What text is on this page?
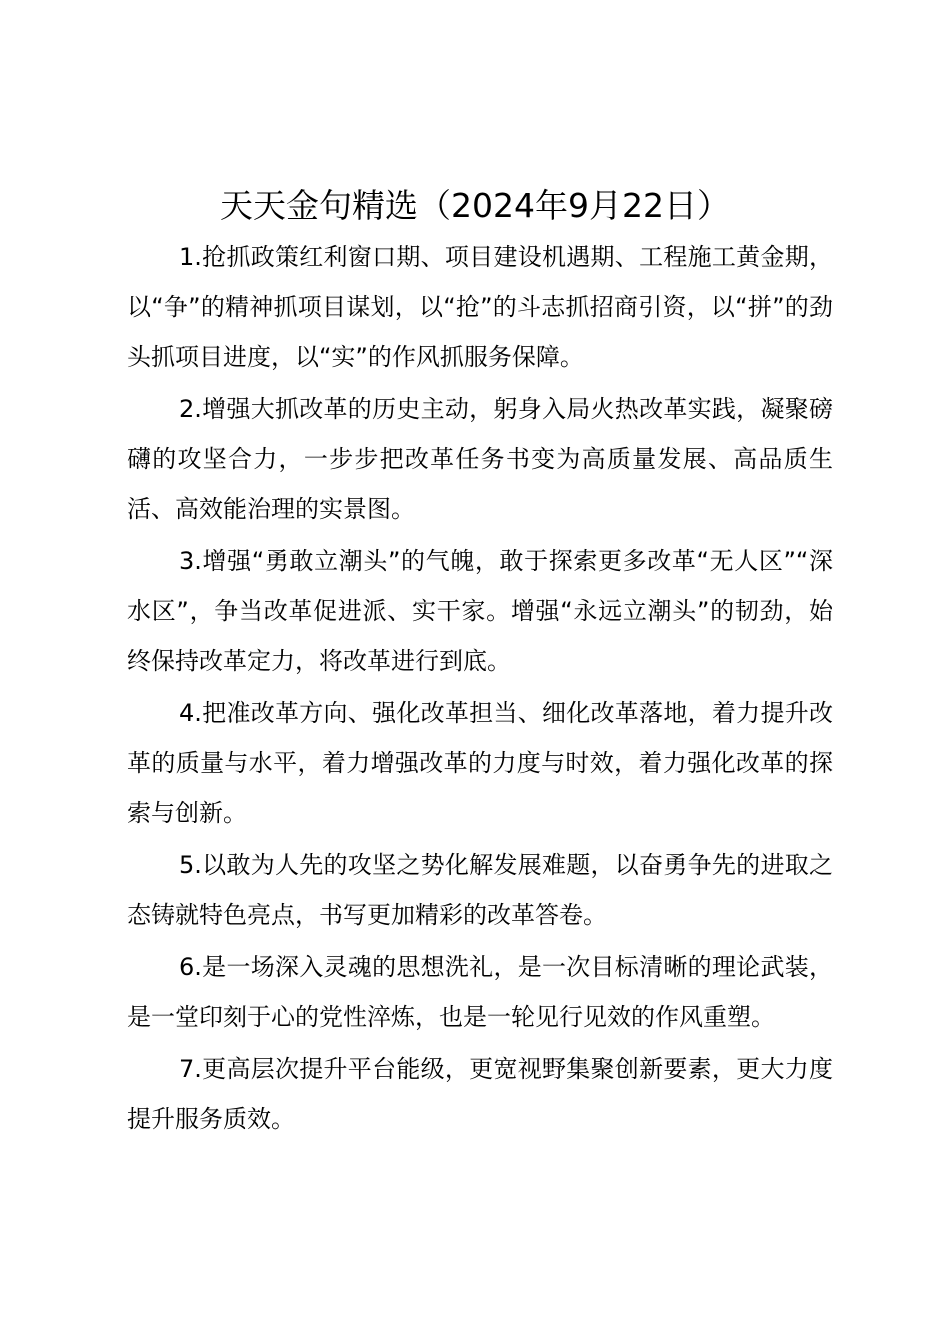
天天金句精选（2024年9月22日）

1.抢抓政策红利窗口期、项目建设机遇期、工程施工黄金期，以“争”的精神抓项目谋划，以“抢”的斗志抓招商引资，以“拼”的劲头抓项目进度，以“实”的作风抓服务保障。

2.增强大抓改革的历史主动，躬身入局火热改革实践，凝聚磅礴的攻坚合力，一步步把改革任务书变为高质量发展、高品质生活、高效能治理的实景图。

3.增强“勇敢立潮头”的气魄，敢于探索更多改革“无人区”“深水区”，争当改革促进派、实干家。增强“永远立潮头”的韧劲，始终保持改革定力，将改革进行到底。

4.把准改革方向、强化改革担当、细化改革落地，着力提升改革的质量与水平，着力增强改革的力度与时效，着力强化改革的探索与创新。

5.以敢为人先的攻坚之势化解发展难题，以奋勇争先的进取之态铸就特色亮点，书写更加精彩的改革答卷。

6.是一场深入灵魂的思想洗礼，是一次目标清晰的理论武装，是一堂印刻于心的党性淬炼，也是一轮见行见效的作风重塑。

7.更高层次提升平台能级，更宽视野集聚创新要素，更大力度提升服务质效。
